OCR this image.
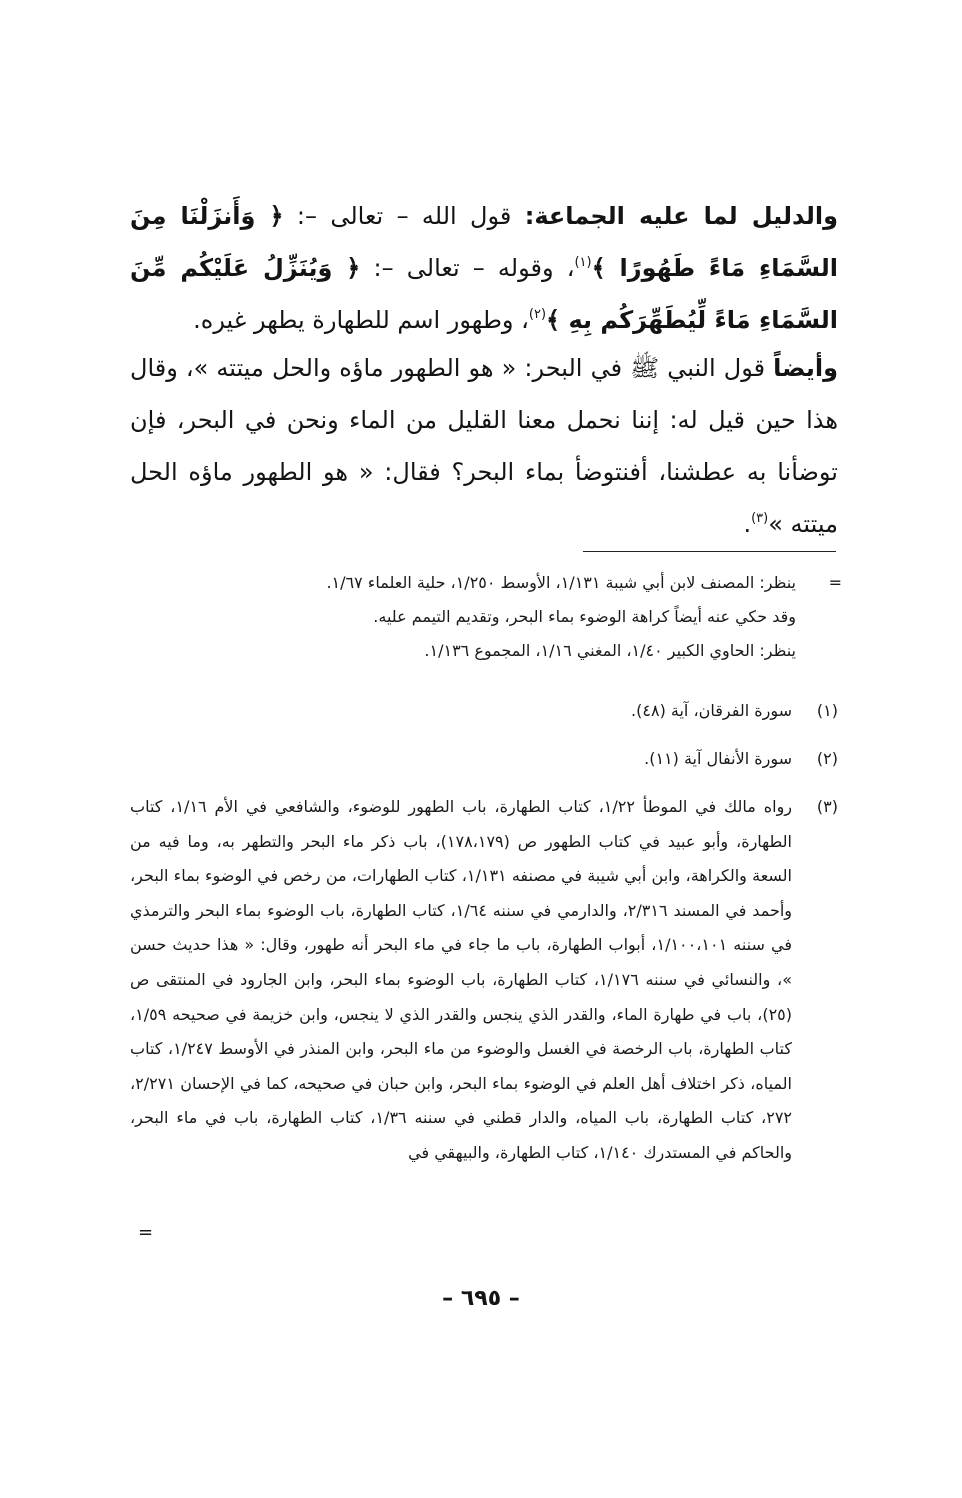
والدليل لما عليه الجماعة: قول الله – تعالى –: ﴿ وَأَنزَلْنَا مِنَ السَّمَاءِ مَاءً طَهُورًا ﴾$^{(١)}$، وقوله – تعالى –: ﴿ وَيُنَزِّلُ عَلَيْكُم مِّنَ السَّمَاءِ مَاءً لِّيُطَهِّرَكُم بِهِ ﴾$^{(٢)}$، وطهور اسم للطهارة يطهر غيره.

وأيضاً قول النبي ﷺ في البحر: « هو الطهور ماؤه والحل ميتته »، وقال هذا حين قيل له: إننا نحمل معنا القليل من الماء ونحن في البحر، فإن توضأنا به عطشنا، أفنتوضأ بماء البحر؟ فقال: « هو الطهور ماؤه الحل ميتته »$^{(٣)}$.

=
ينظر: المصنف لابن أبي شيبة ١/١٣١، الأوسط ١/٢٥٠، حلية العلماء ١/٦٧.
وقد حكي عنه أيضاً كراهة الوضوء بماء البحر، وتقديم التيمم عليه.
ينظر: الحاوي الكبير ١/٤٠، المغني ١/١٦، المجموع ١/١٣٦.
(١)
سورة الفرقان، آية (٤٨).
(٢)
سورة الأنفال آية (١١).
(٣)
رواه مالك في الموطأ ١/٢٢، كتاب الطهارة، باب الطهور للوضوء، والشافعي في الأم ١/١٦، كتاب الطهارة، وأبو عبيد في كتاب الطهور ص (١٧٨،١٧٩)، باب ذكر ماء البحر والتطهر به، وما فيه من السعة والكراهة، وابن أبي شيبة في مصنفه ١/١٣١، كتاب الطهارات، من رخص في الوضوء بماء البحر، وأحمد في المسند ٢/٣١٦، والدارمي في سننه ١/٦٤، كتاب الطهارة، باب الوضوء بماء البحر والترمذي في سننه ١/١٠٠،١٠١، أبواب الطهارة، باب ما جاء في ماء البحر أنه طهور، وقال: « هذا حديث حسن »، والنسائي في سننه ١/١٧٦، كتاب الطهارة، باب الوضوء بماء البحر، وابن الجارود في المنتقى ص (٢٥)، باب في طهارة الماء، والقدر الذي ينجس والقدر الذي لا ينجس، وابن خزيمة في صحيحه ١/٥٩، كتاب الطهارة، باب الرخصة في الغسل والوضوء من ماء البحر، وابن المنذر في الأوسط ١/٢٤٧، كتاب المياه، ذكر اختلاف أهل العلم في الوضوء بماء البحر، وابن حبان في صحيحه، كما في الإحسان ٢/٢٧١، ٢٧٢، كتاب الطهارة، باب المياه، والدار قطني في سننه ١/٣٦، كتاب الطهارة، باب في ماء البحر، والحاكم في المستدرك ١/١٤٠، كتاب الطهارة، والبيهقي في
=
– ٦٩٥ –
